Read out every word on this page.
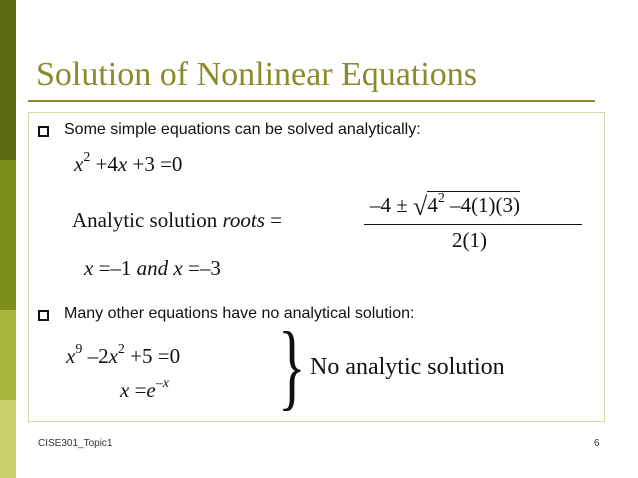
Solution of Nonlinear Equations
Some simple equations can be solved analytically:
$x^2 +4x +3 =0$
Analytic solution roots =
$-4 \pm √4^2$ –4(1)(3)
2(1)
x =–1 and x =–3
Many other equations have no analytical solution:
$x^9$ $-2x^2 +5 =0$
$x =e^{-x}$ } No analytic solution
CISE301_Topic1	6
